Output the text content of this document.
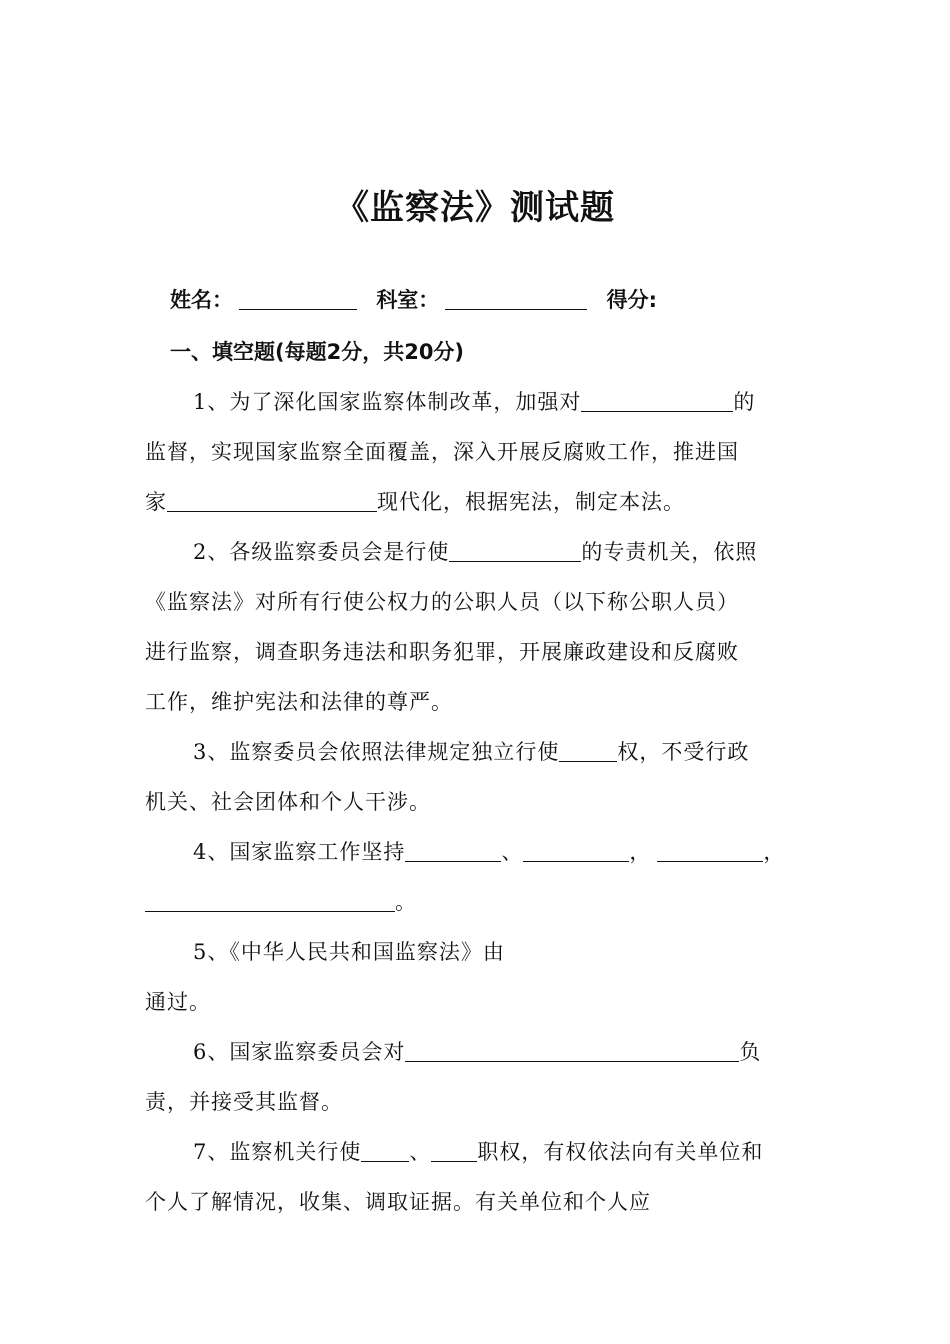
《监察法》测试题
姓名：	科室：	得分:
一、填空题(每题2分，共20分)
1、为了深化国家监察体制改革，加强对	的
监督，实现国家监察全面覆盖，深入开展反腐败工作，推进国
家	现代化，根据宪法，制定本法。
2、各级监察委员会是行使	的专责机关，依照
《监察法》对所有行使公权力的公职人员（以下称公职人员）
进行监察，调查职务违法和职务犯罪，开展廉政建设和反腐败
工作，维护宪法和法律的尊严。
3、监察委员会依照法律规定独立行使	权，不受行政
机关、社会团体和个人干涉。
4、国家监察工作坚持	、	，	，
。
5、《中华人民共和国监察法》由
通过。
6、国家监察委员会对	负
责，并接受其监督。
7、监察机关行使 、 职权，有权依法向有关单位和
个人了解情况，收集、调取证据。有关单位和个人应
